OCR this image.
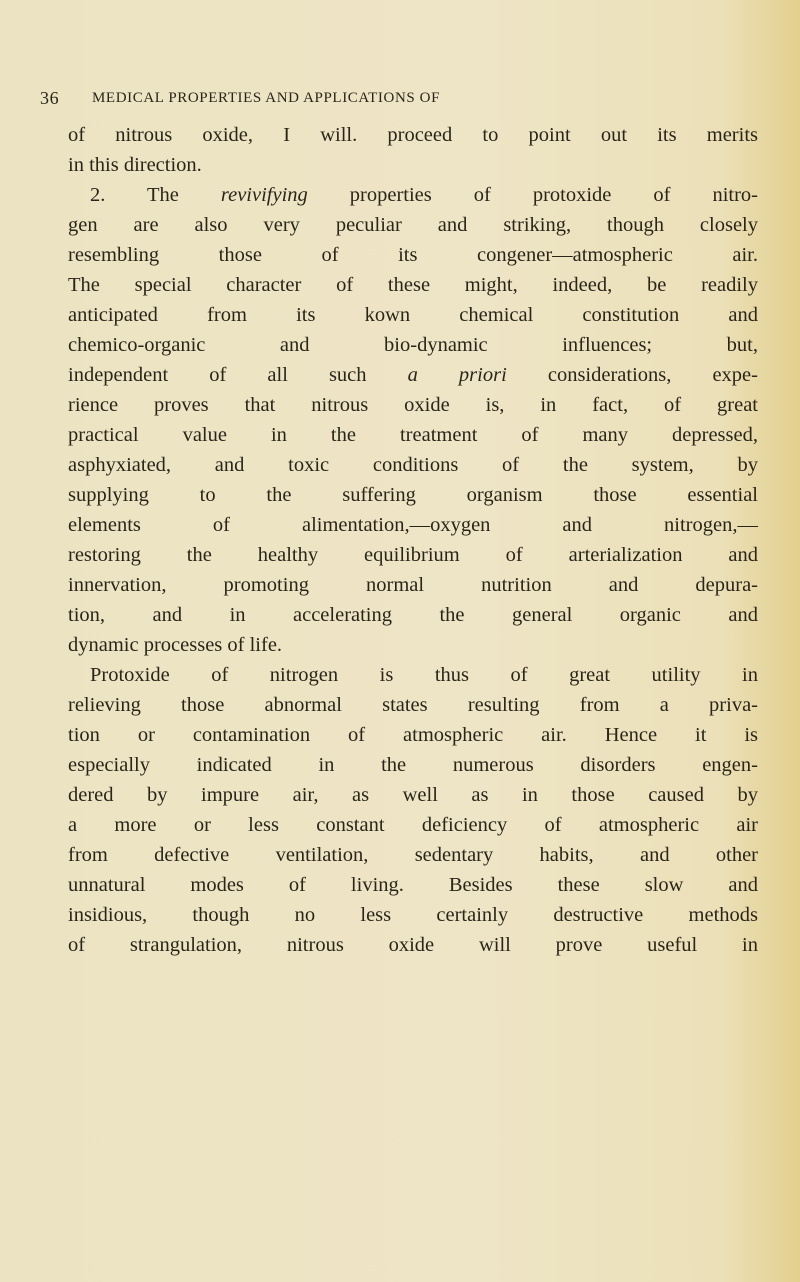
36 MEDICAL PROPERTIES AND APPLICATIONS OF
of nitrous oxide, I will. proceed to point out its merits
in this direction.
2. The revivifying properties of protoxide of nitro-
gen are also very peculiar and striking, though closely
resembling those of its congener—atmospheric air.
The special character of these might, indeed, be readily
anticipated from its kown chemical constitution and
chemico-organic and bio-dynamic influences; but,
independent of all such a priori considerations, expe-
rience proves that nitrous oxide is, in fact, of great
practical value in the treatment of many depressed,
asphyxiated, and toxic conditions of the system, by
supplying to the suffering organism those essential
elements of alimentation,—oxygen and nitrogen,—
restoring the healthy equilibrium of arterialization and
innervation, promoting normal nutrition and depura-
tion, and in accelerating the general organic and
dynamic processes of life.
Protoxide of nitrogen is thus of great utility in
relieving those abnormal states resulting from a priva-
tion or contamination of atmospheric air. Hence it is
especially indicated in the numerous disorders engen-
dered by impure air, as well as in those caused by
a more or less constant deficiency of atmospheric air
from defective ventilation, sedentary habits, and other
unnatural modes of living. Besides these slow and
insidious, though no less certainly destructive methods
of strangulation, nitrous oxide will prove useful in
